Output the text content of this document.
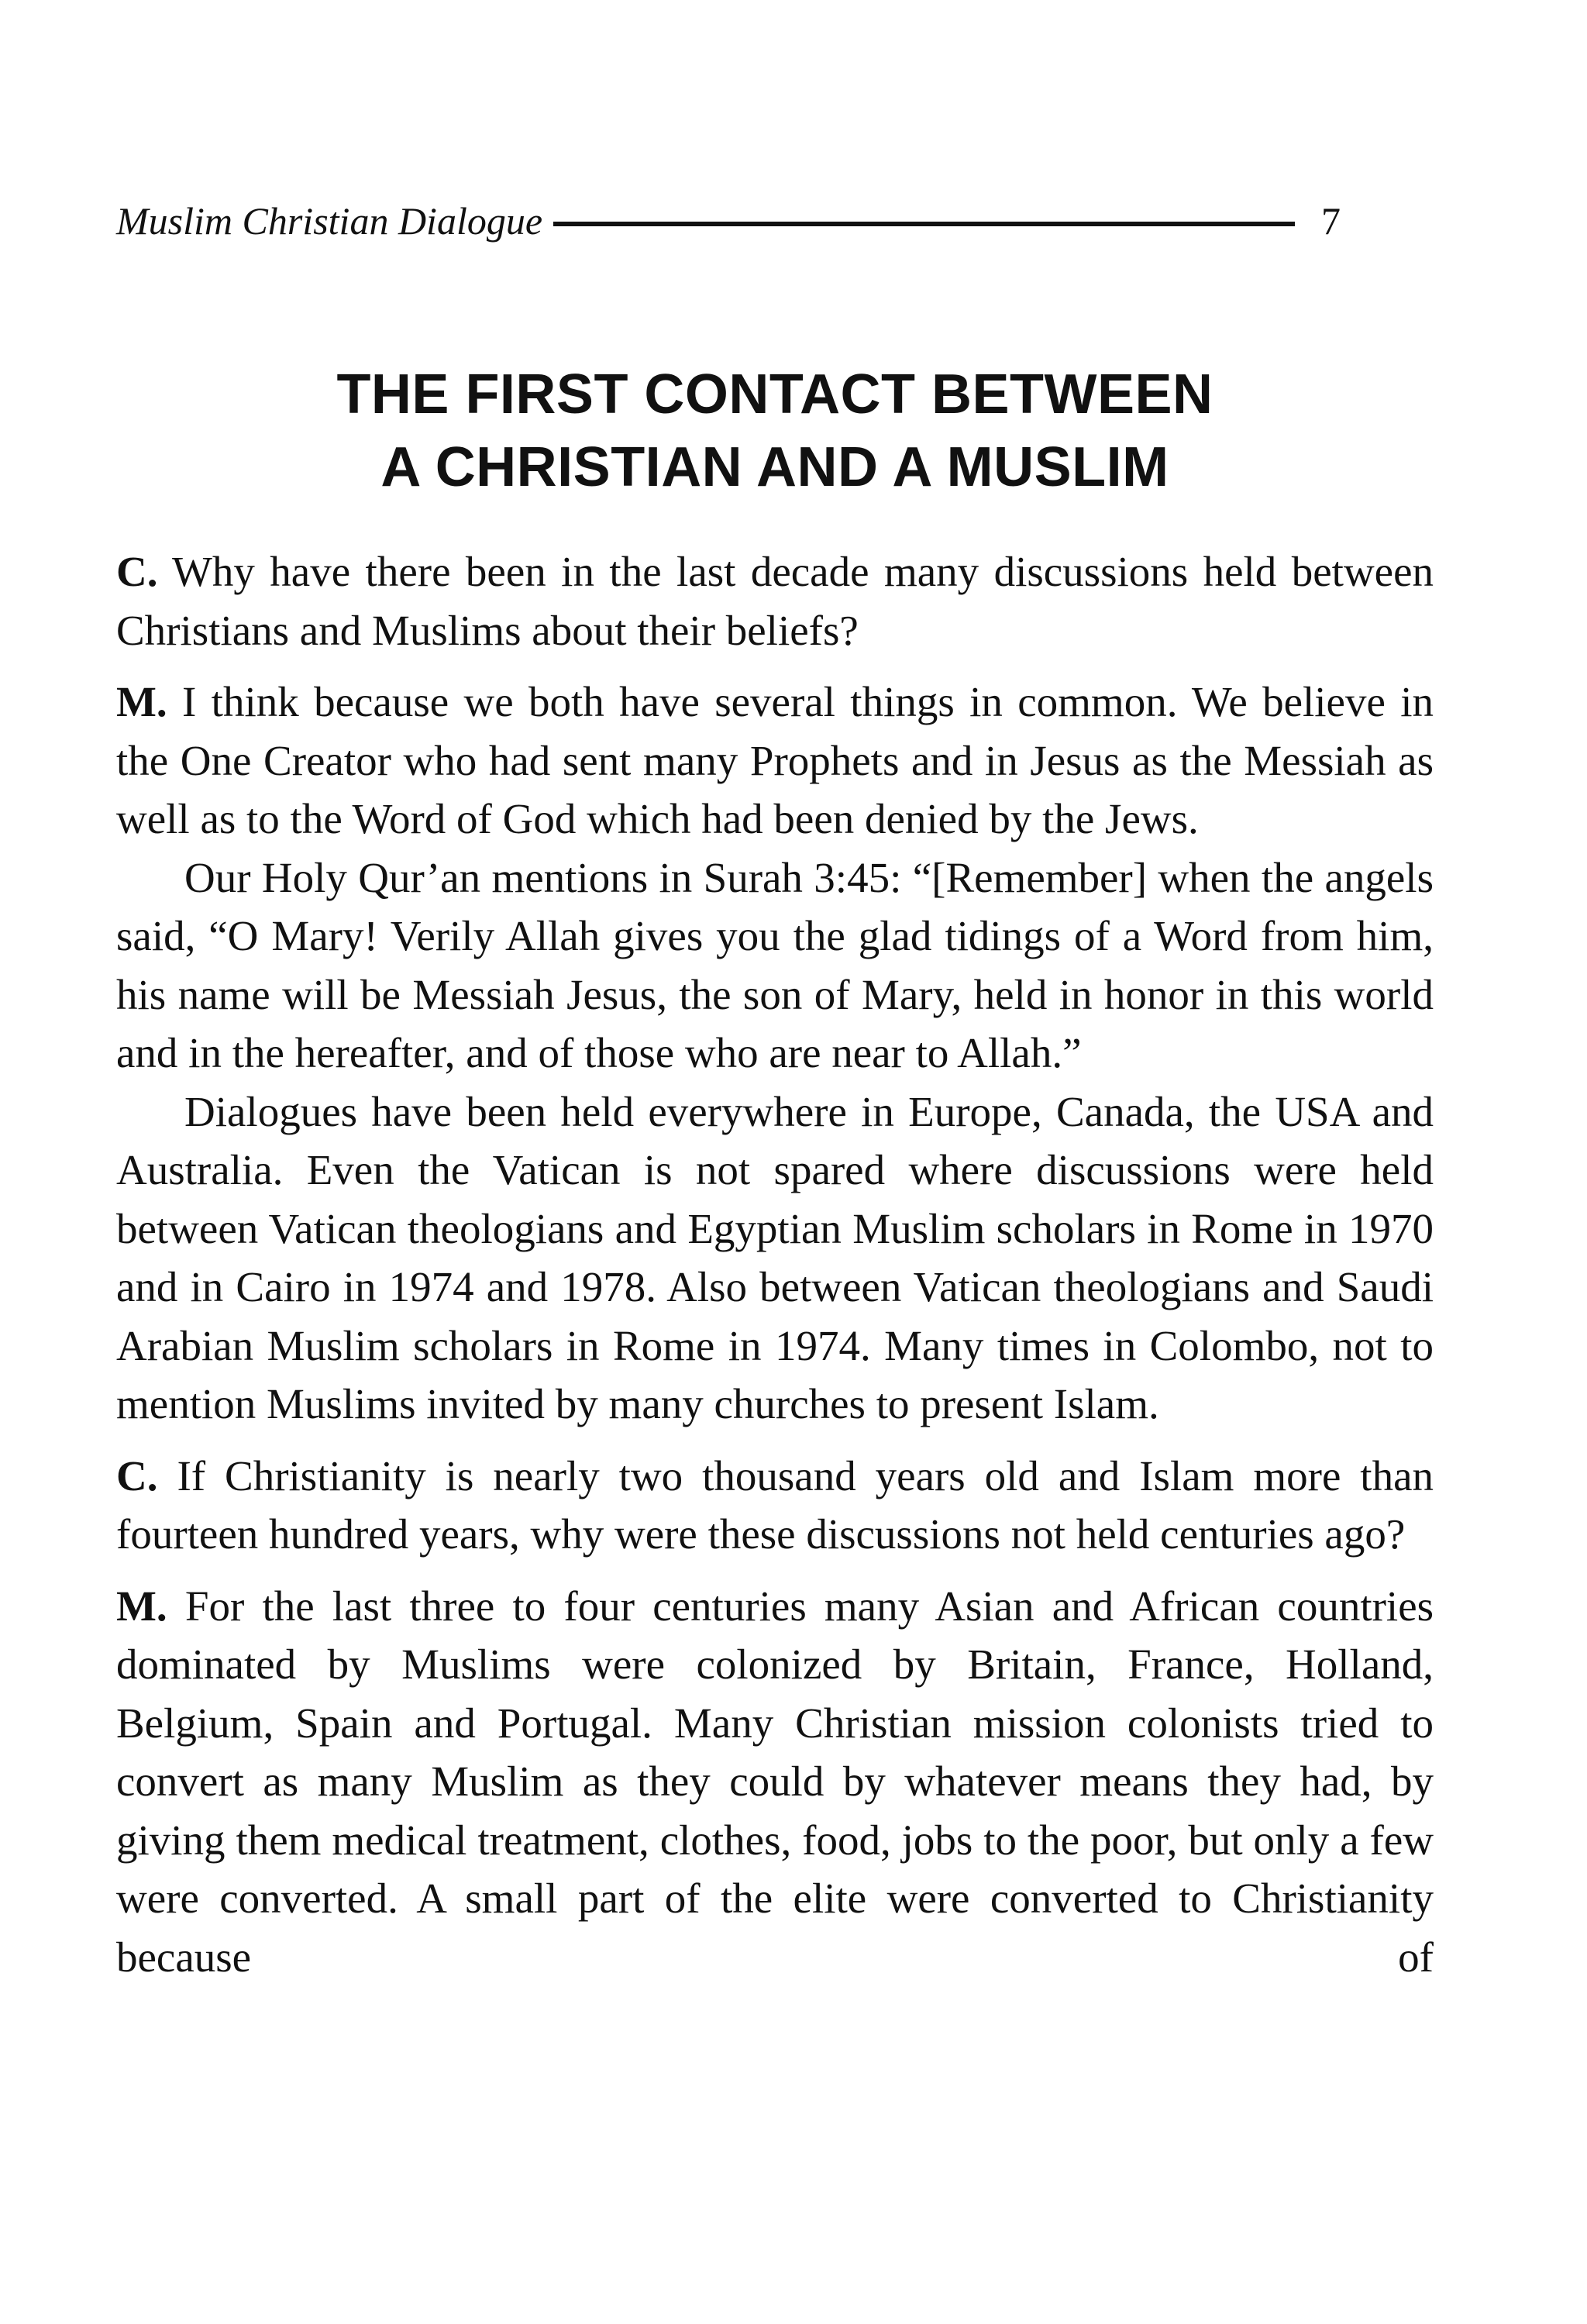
Muslim Christian Dialogue	7
THE FIRST CONTACT BETWEEN
A CHRISTIAN AND A MUSLIM

C. Why have there been in the last decade many discussions held between Christians and Muslims about their beliefs?

M. I think because we both have several things in common. We believe in the One Creator who had sent many Prophets and in Jesus as the Messiah as well as to the Word of God which had been denied by the Jews.

Our Holy Qur’an mentions in Surah 3:45: “[Remember] when the angels said, “O Mary! Verily Allah gives you the glad tidings of a Word from him, his name will be Messiah Jesus, the son of Mary, held in honor in this world and in the hereafter, and of those who are near to Allah.”

Dialogues have been held everywhere in Europe, Canada, the USA and Australia. Even the Vatican is not spared where discussions were held between Vatican theologians and Egyptian Muslim scholars in Rome in 1970 and in Cairo in 1974 and 1978. Also between Vatican theologians and Saudi Arabian Muslim scholars in Rome in 1974. Many times in Colombo, not to mention Muslims invited by many churches to present Islam.

C. If Christianity is nearly two thousand years old and Islam more than fourteen hundred years, why were these discussions not held centuries ago?

M. For the last three to four centuries many Asian and African countries dominated by Muslims were colonized by Britain, France, Holland, Belgium, Spain and Portugal. Many Christian mission colonists tried to convert as many Muslim as they could by whatever means they had, by giving them medical treatment, clothes, food, jobs to the poor, but only a few were converted. A small part of the elite were converted to Christianity because of
